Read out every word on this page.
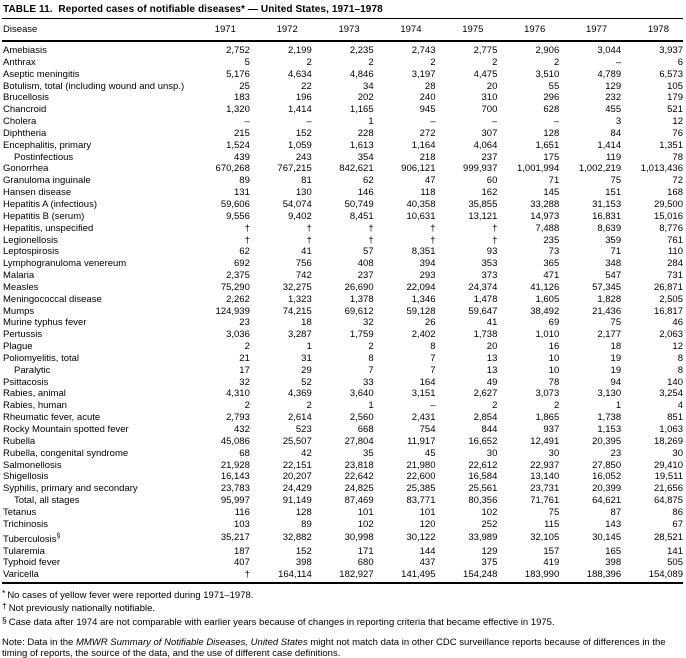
TABLE 11.  Reported cases of notifiable diseases* — United States, 1971–1978
Disease	1971	1972	1973	1974	1975	1976	1977	1978
Amebiasis	2,752	2,199	2,235	2,743	2,775	2,906	3,044	3,937
Anthrax	5	2	2	2	2	2	–	6
Aseptic meningitis	5,176	4,634	4,846	3,197	4,475	3,510	4,789	6,573
Botulism, total (including wound and unsp.)	25	22	34	28	20	55	129	105
Brucellosis	183	196	202	240	310	296	232	179
Chancroid	1,320	1,414	1,165	945	700	628	455	521
Cholera	–	–	1	–	–	–	3	12
Diphtheria	215	152	228	272	307	128	84	76
Encephalitis, primary	1,524	1,059	1,613	1,164	4,064	1,651	1,414	1,351
Postinfectious	439	243	354	218	237	175	119	78
Gonorrhea	670,268	767,215	842,621	906,121	999,937	1,001,994	1,002,219	1,013,436
Granuloma inguinale	89	81	62	47	60	71	75	72
Hansen disease	131	130	146	118	162	145	151	168
Hepatitis A (infectious)	59,606	54,074	50,749	40,358	35,855	33,288	31,153	29,500
Hepatitis B (serum)	9,556	9,402	8,451	10,631	13,121	14,973	16,831	15,016
Hepatitis, unspecified	†	†	†	†	†	7,488	8,639	8,776
Legionellosis	†	†	†	†	†	235	359	761
Leptospirosis	62	41	57	8,351	93	73	71	110
Lymphogranuloma venereum	692	756	408	394	353	365	348	284
Malaria	2,375	742	237	293	373	471	547	731
Measles	75,290	32,275	26,690	22,094	24,374	41,126	57,345	26,871
Meningococcal disease	2,262	1,323	1,378	1,346	1,478	1,605	1,828	2,505
Mumps	124,939	74,215	69,612	59,128	59,647	38,492	21,436	16,817
Murine typhus fever	23	18	32	26	41	69	75	46
Pertussis	3,036	3,287	1,759	2,402	1,738	1,010	2,177	2,063
Plague	2	1	2	8	20	16	18	12
Poliomyelitis, total	21	31	8	7	13	10	19	8
Paralytic	17	29	7	7	13	10	19	8
Psittacosis	32	52	33	164	49	78	94	140
Rabies, animal	4,310	4,369	3,640	3,151	2,627	3,073	3,130	3,254
Rabies, human	2	2	1	–	2	2	1	4
Rheumatic fever, acute	2,793	2,614	2,560	2,431	2,854	1,865	1,738	851
Rocky Mountain spotted fever	432	523	668	754	844	937	1,153	1,063
Rubella	45,086	25,507	27,804	11,917	16,652	12,491	20,395	18,269
Rubella, congenital syndrome	68	42	35	45	30	30	23	30
Salmonellosis	21,928	22,151	23,818	21,980	22,612	22,937	27,850	29,410
Shigellosis	16,143	20,207	22,642	22,600	16,584	13,140	16,052	19,511
Syphilis, primary and secondary	23,783	24,429	24,825	25,385	25,561	23,731	20,399	21,656
Total, all stages	95,997	91,149	87,469	83,771	80,356	71,761	64,621	64,875
Tetanus	116	128	101	101	102	75	87	86
Trichinosis	103	89	102	120	252	115	143	67
Tuberculosis§	35,217	32,882	30,998	30,122	33,989	32,105	30,145	28,521
Tularemia	187	152	171	144	129	157	165	141
Typhoid fever	407	398	680	437	375	419	398	505
Varicella	†	164,114	182,927	141,495	154,248	183,990	188,396	154,089
* No cases of yellow fever were reported during 1971–1978.
† Not previously nationally notifiable.
§ Case data after 1974 are not comparable with earlier years because of changes in reporting criteria that became effective in 1975.
Note: Data in the MMWR Summary of Notifiable Diseases, United States might not match data in other CDC surveillance reports because of differences in the timing of reports, the source of the data, and the use of different case definitions.
